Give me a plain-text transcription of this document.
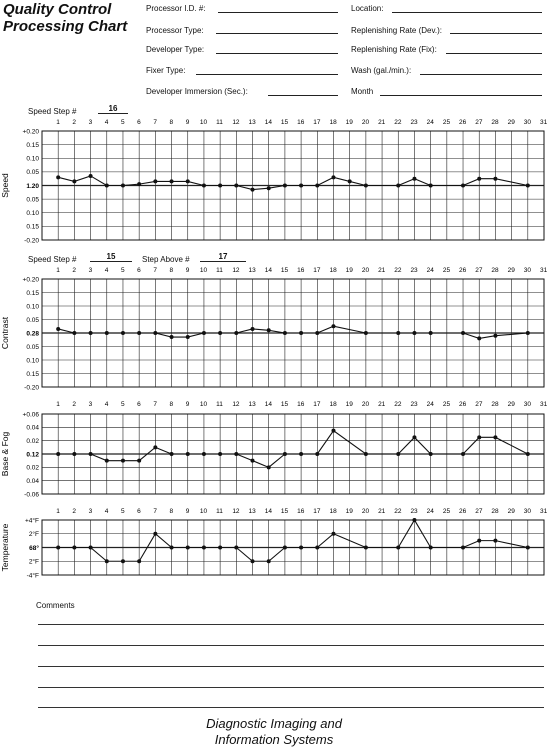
Quality Control
Processing Chart
Processor I.D. #:
Processor Type:
Developer Type:
Fixer Type:
Developer Immersion (Sec.):
Location:
Replenishing Rate (Dev.):
Replenishing Rate (Fix):
Wash (gal./min.):
Month
Speed Step #	16
Speed Step #	15	Step Above #	17
1 2 3 4 5 6 7 8 9 10 11 12 13 14 15 16 17 18 19 20 21 22 23 24 25 26 27 28 29 30 31
+0.20
0.15
0.10
0.05
1.20
0.05
0.10
0.15
-0.20
Speed
1 2 3 4 5 6 7 8 9 10 11 12 13 14 15 16 17 18 19 20 21 22 23 24 25 26 27 28 29 30 31
+0.20
0.15
0.10
0.05
0.28
0.05
0.10
0.15
-0.20
Contrast
1 2 3 4 5 6 7 8 9 10 11 12 13 14 15 16 17 18 19 20 21 22 23 24 25 26 27 28 29 30 31
+0.06
0.04
0.02
0.12
0.02
0.04
-0.06
Base & Fog
1 2 3 4 5 6 7 8 9 10 11 12 13 14 15 16 17 18 19 20 21 22 23 24 25 26 27 28 29 30 31
+4°F
2°F
68°
2°F
-4°F
Temperature
Comments
Diagnostic Imaging and
Information Systems
